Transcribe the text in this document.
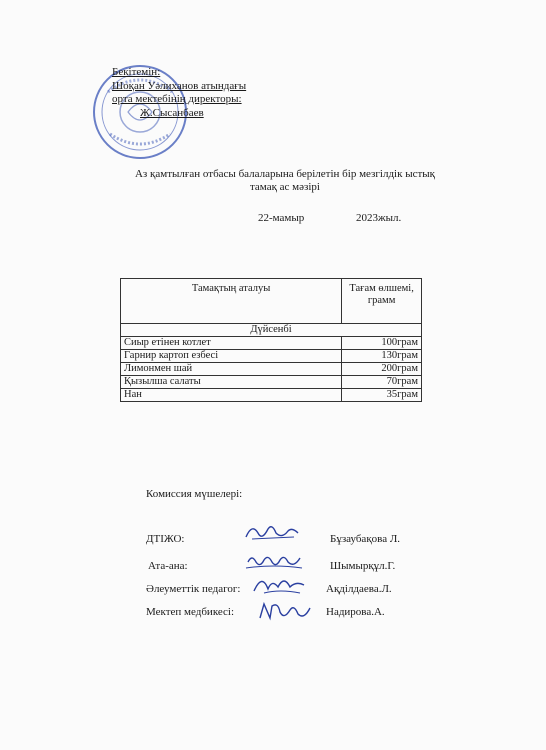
Бекітемін:
Шоқан Уәлиханов атындағы
орта мектебінің директоры:
Ж.Сысанбаев
Аз қамтылған отбасы балаларына берілетін бір мезгілдік ыстық тамақ ас мәзірі
22-мамыр	2023жыл.
Тамақтың аталуы	Тағам өлшемі, грамм
Дүйсенбі	
Сиыр етінен котлет	100грам
Гарнир картоп езбесі	130грам
Лимонмен шай	200грам
Қызылша салаты	70грам
Нан	35грам
Комиссия мүшелері:
ДТІЖО:	Бұзаубақова Л.
Ата-ана:	Шымырқұл.Г.
Әлеуметтік педагог:	Ақділдаева.Л.
Мектеп медбикесі:	Надирова.А.
